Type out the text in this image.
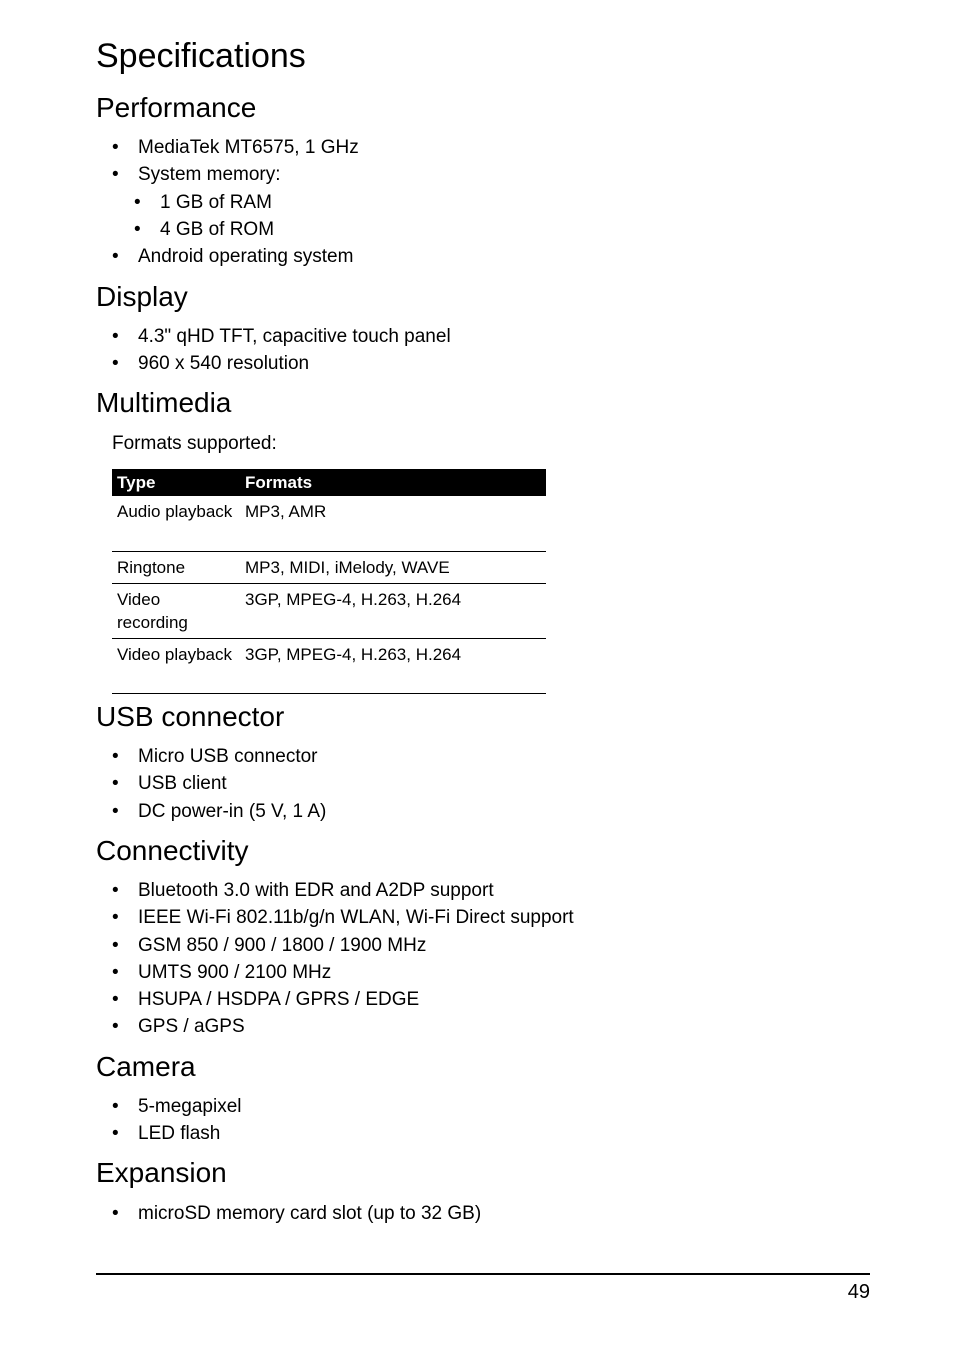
Specifications
Performance
• MediaTek MT6575, 1 GHz
• System memory:
• 1 GB of RAM
• 4 GB of ROM
• Android operating system
Display
• 4.3" qHD TFT, capacitive touch panel
• 960 x 540 resolution
Multimedia

Formats supported:

Type	Formats
Audio playback	MP3, AMR
Ringtone	MP3, MIDI, iMelody, WAVE
Video recording	3GP, MPEG-4, H.263, H.264
Video playback	3GP, MPEG-4, H.263, H.264
USB connector
• Micro USB connector
• USB client
• DC power-in (5 V, 1 A)
Connectivity
• Bluetooth 3.0 with EDR and A2DP support
• IEEE Wi-Fi 802.11b/g/n WLAN, Wi-Fi Direct support
• GSM 850 / 900 / 1800 / 1900 MHz
• UMTS 900 / 2100 MHz
• HSUPA / HSDPA / GPRS / EDGE
• GPS / aGPS
Camera
• 5-megapixel
• LED flash
Expansion
• microSD memory card slot (up to 32 GB)

49
